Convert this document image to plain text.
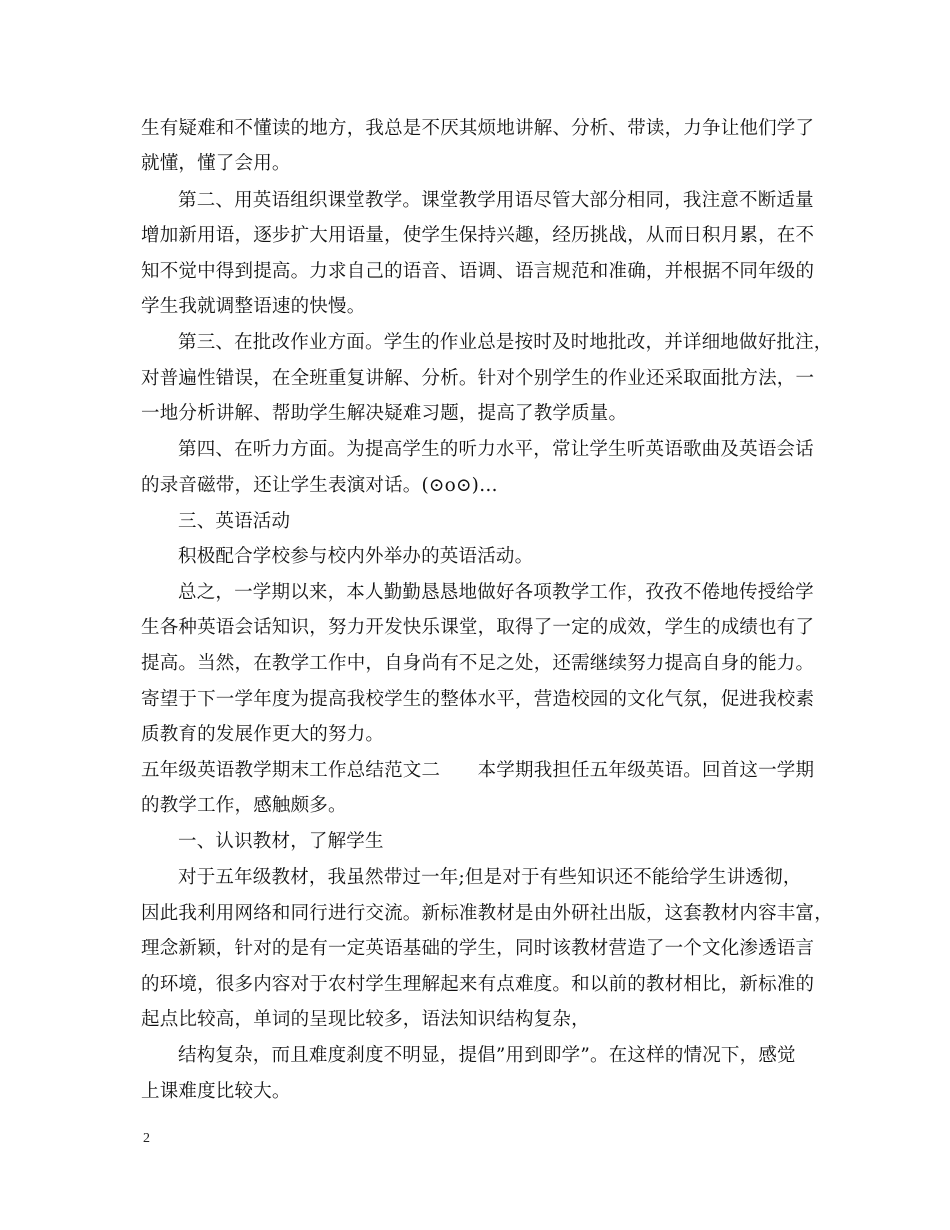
生有疑难和不懂读的地方，我总是不厌其烦地讲解、分析、带读，力争让他们学了
就懂，懂了会用。
第二、用英语组织课堂教学。课堂教学用语尽管大部分相同，我注意不断适量
增加新用语，逐步扩大用语量，使学生保持兴趣，经历挑战，从而日积月累，在不
知不觉中得到提高。力求自己的语音、语调、语言规范和准确，并根据不同年级的
学生我就调整语速的快慢。
第三、在批改作业方面。学生的作业总是按时及时地批改，并详细地做好批注，
对普遍性错误，在全班重复讲解、分析。针对个别学生的作业还采取面批方法，一
一地分析讲解、帮助学生解决疑难习题，提高了教学质量。
第四、在听力方面。为提高学生的听力水平，常让学生听英语歌曲及英语会话
的录音磁带，还让学生表演对话。(⊙o⊙)…
三、英语活动
积极配合学校参与校内外举办的英语活动。
总之，一学期以来，本人勤勤恳恳地做好各项教学工作，孜孜不倦地传授给学
生各种英语会话知识，努力开发快乐课堂，取得了一定的成效，学生的成绩也有了
提高。当然，在教学工作中，自身尚有不足之处，还需继续努力提高自身的能力。
寄望于下一学年度为提高我校学生的整体水平，营造校园的文化气氛，促进我校素
质教育的发展作更大的努力。
五年级英语教学期末工作总结范文二　　本学期我担任五年级英语。回首这一学期
的教学工作，感触颇多。
一、认识教材，了解学生
对于五年级教材，我虽然带过一年;但是对于有些知识还不能给学生讲透彻，
因此我利用网络和同行进行交流。新标准教材是由外研社出版，这套教材内容丰富，
理念新颖，针对的是有一定英语基础的学生，同时该教材营造了一个文化渗透语言
的环境，很多内容对于农村学生理解起来有点难度。和以前的教材相比，新标准的
起点比较高，单词的呈现比较多，语法知识结构复杂，
结构复杂，而且难度刹度不明显，提倡”用到即学”。在这样的情况下，感觉
上课难度比较大。
2
